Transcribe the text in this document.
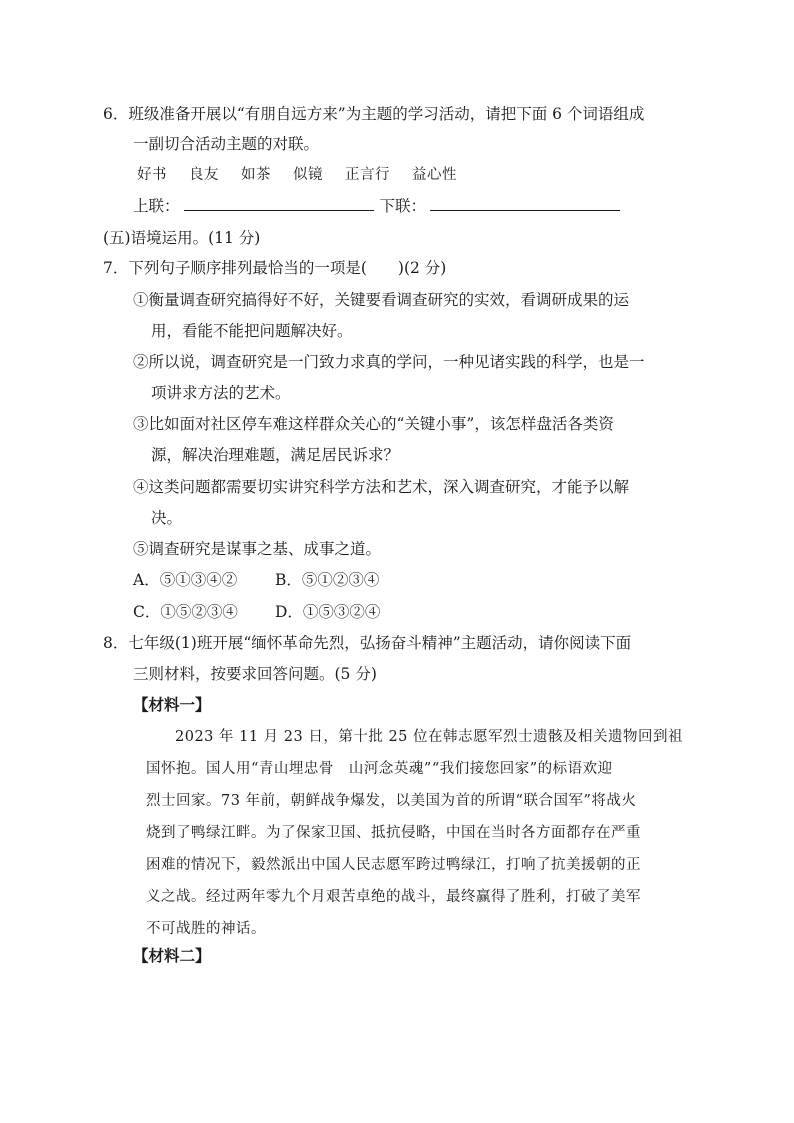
6．班级准备开展以“有朋自远方来”为主题的学习活动，请把下面 6 个词语组成
一副切合活动主题的对联。
好书 良友 如茶 似镜 正言行 益心性
上联：	下联：
(五)语境运用。(11 分)
7．下列句子顺序排列最恰当的一项是(　　)(2 分)
①衡量调查研究搞得好不好，关键要看调查研究的实效，看调研成果的运
用，看能不能把问题解决好。
②所以说，调查研究是一门致力求真的学问，一种见诸实践的科学，也是一
项讲求方法的艺术。
③比如面对社区停车难这样群众关心的“关键小事”，该怎样盘活各类资
源，解决治理难题，满足居民诉求？
④这类问题都需要切实讲究科学方法和艺术，深入调查研究，才能予以解
决。
⑤调查研究是谋事之基、成事之道。
A．⑤①③④② B．⑤①②③④
C．①⑤②③④ D．①⑤③②④
8．七年级(1)班开展“缅怀革命先烈，弘扬奋斗精神”主题活动，请你阅读下面
三则材料，按要求回答问题。(5 分)
【材料一】
2023 年 11 月 23 日，第十批 25 位在韩志愿军烈士遗骸及相关遗物回到祖
国怀抱。国人用“青山埋忠骨　山河念英魂”“我们接您回家”的标语欢迎
烈士回家。73 年前，朝鲜战争爆发，以美国为首的所谓“联合国军”将战火
烧到了鸭绿江畔。为了保家卫国、抵抗侵略，中国在当时各方面都存在严重
困难的情况下，毅然派出中国人民志愿军跨过鸭绿江，打响了抗美援朝的正
义之战。经过两年零九个月艰苦卓绝的战斗，最终赢得了胜利，打破了美军
不可战胜的神话。
【材料二】
